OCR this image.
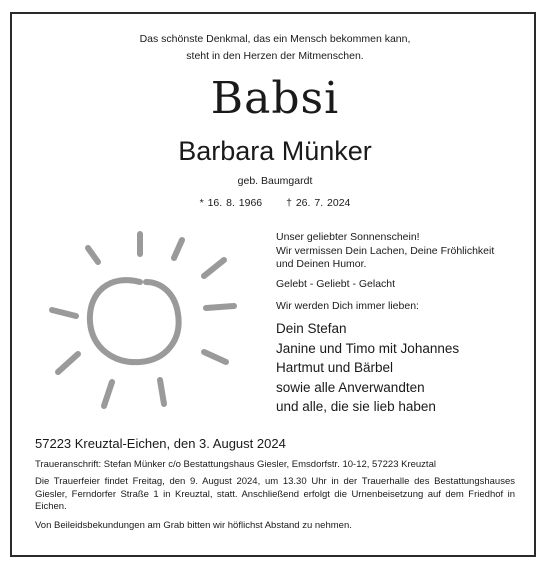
Das schönste Denkmal, das ein Mensch bekommen kann,
steht in den Herzen der Mitmenschen.
Babsi
Barbara Münker
geb. Baumgardt
* 16. 8. 1966 † 26. 7. 2024
Unser geliebter Sonnenschein!
Wir vermissen Dein Lachen, Deine Fröhlichkeit
und Deinen Humor.
Gelebt - Geliebt - Gelacht
Wir werden Dich immer lieben:
Dein Stefan
Janine und Timo mit Johannes
Hartmut und Bärbel
sowie alle Anverwandten
und alle, die sie lieb haben
57223 Kreuztal-Eichen, den 3. August 2024
Traueranschrift: Stefan Münker c/o Bestattungshaus Giesler, Emsdorfstr. 10-12, 57223 Kreuztal
Die Trauerfeier findet Freitag, den 9. August 2024, um 13.30 Uhr in der Trauerhalle des Bestattungshauses Giesler, Ferndorfer Straße 1 in Kreuztal, statt. Anschließend erfolgt die Urnenbeisetzung auf dem Friedhof in Eichen.
Von Beileidsbekundungen am Grab bitten wir höflichst Abstand zu nehmen.
